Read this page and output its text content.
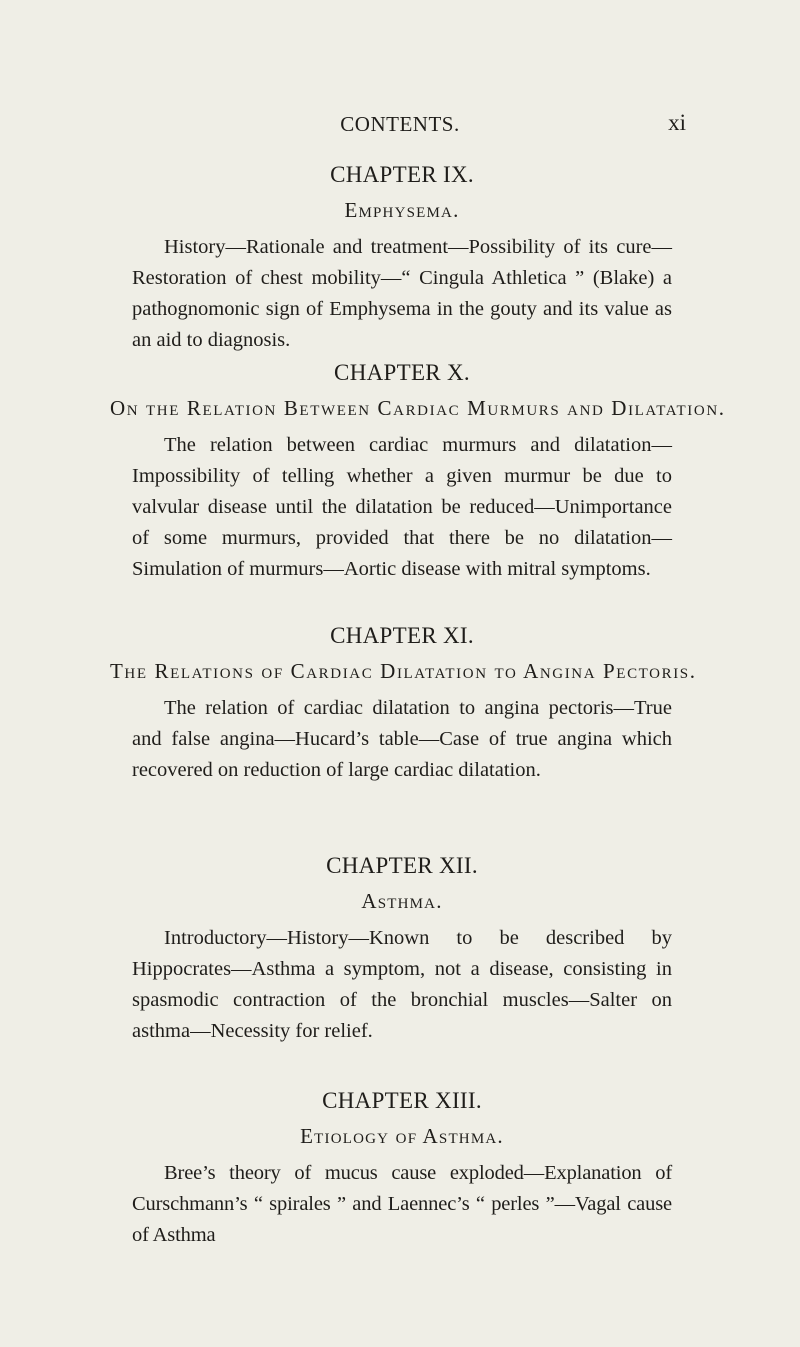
CONTENTS.	xi
CHAPTER IX.
Emphysema.

History—Rationale and treatment—Possibility of its cure—Restoration of chest mobility—“ Cingula Athletica ” (Blake) a pathognomonic sign of Emphysema in the gouty and its value as an aid to diagnosis.

CHAPTER X.
On the Relation Between Cardiac Murmurs and Dilatation.

The relation between cardiac murmurs and dilatation—Impossibility of telling whether a given murmur be due to valvular disease until the dilatation be reduced—Unimportance of some murmurs, provided that there be no dilatation—Simulation of murmurs—Aortic disease with mitral symptoms.

CHAPTER XI.
The Relations of Cardiac Dilatation to Angina Pectoris.

The relation of cardiac dilatation to angina pectoris—True and false angina—Hucard’s table—Case of true angina which recovered on reduction of large cardiac dilatation.

CHAPTER XII.
Asthma.

Introductory—History—Known to be described by Hippocrates—Asthma a symptom, not a disease, consisting in spasmodic contraction of the bronchial muscles—Salter on asthma—Necessity for relief.

CHAPTER XIII.
Etiology of Asthma.

Bree’s theory of mucus cause exploded—Explanation of Curschmann’s “ spirales ” and Laennec’s “ perles ”—Vagal cause of Asthma
